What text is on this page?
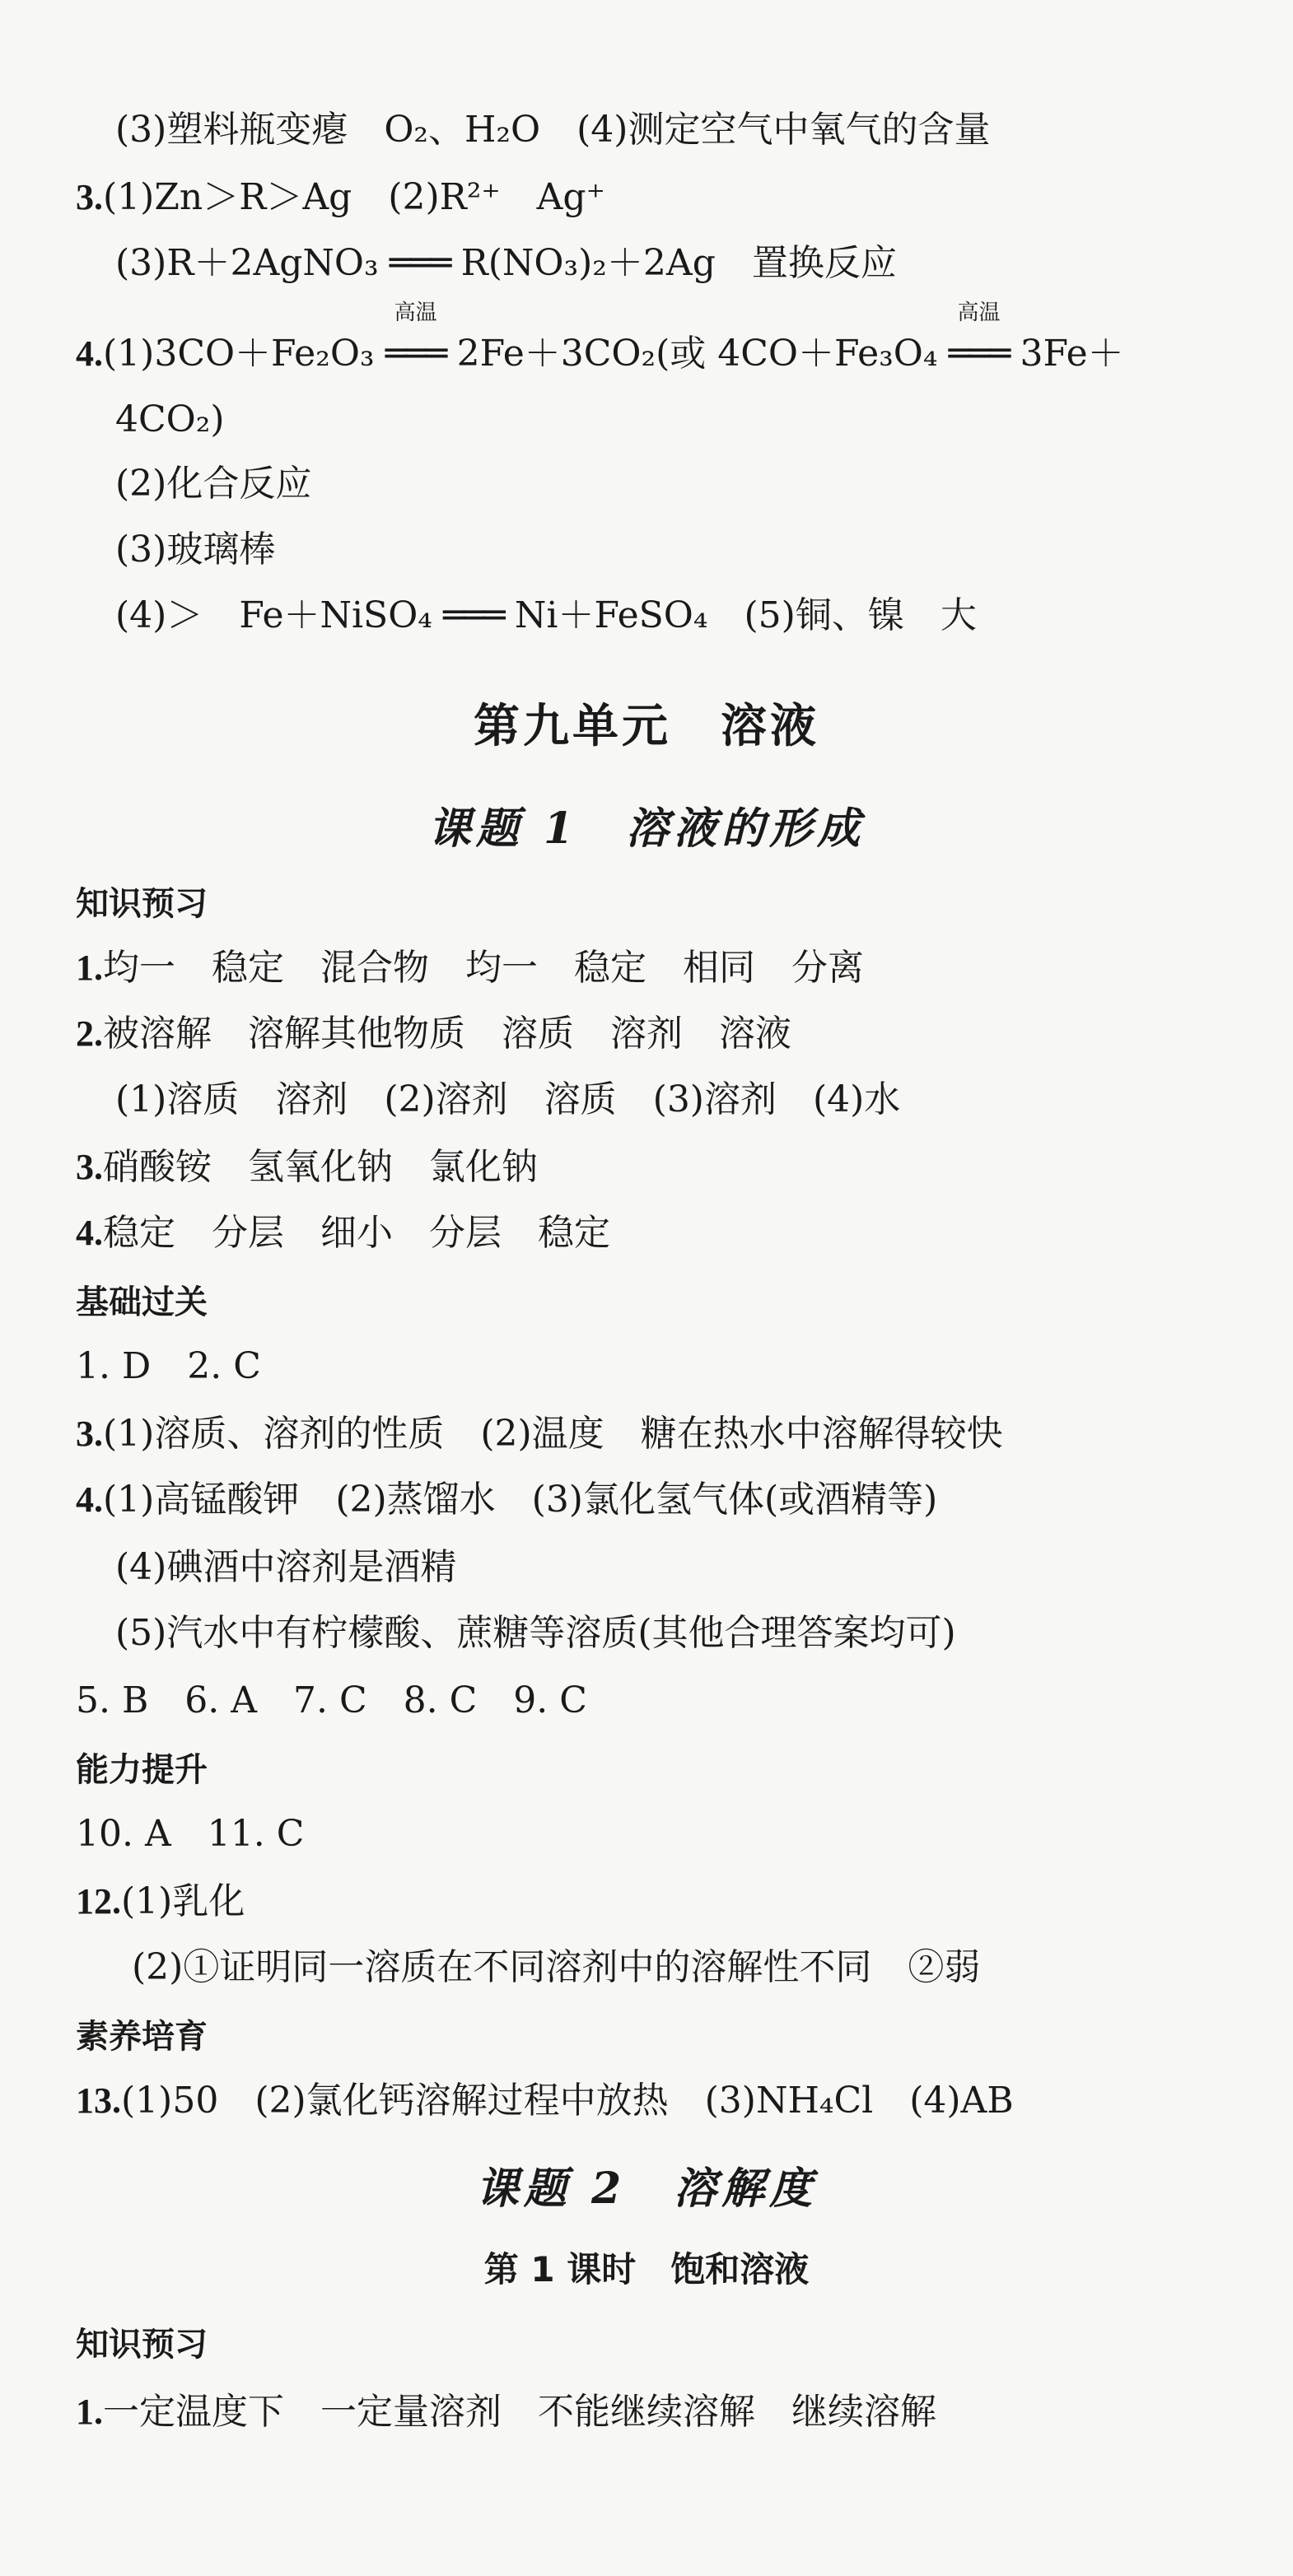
(3)塑料瓶变瘪　O₂、H₂O　(4)测定空气中氧气的含量
3.(1)Zn＞R＞Ag　(2)R²⁺　Ag⁺
(3)R＋2AgNO₃ ═══ R(NO₃)₂＋2Ag　置换反应
4.(1)3CO＋Fe₂O₃
高温
═══ 2Fe＋3CO₂(或 4CO＋Fe₃O₄
高温
═══ 3Fe＋
4CO₂)
(2)化合反应
(3)玻璃棒
(4)＞　Fe＋NiSO₄ ═══ Ni＋FeSO₄　(5)铜、镍　大
第九单元　溶液
课题 1　溶液的形成
知识预习
1.均一　稳定　混合物　均一　稳定　相同　分离
2.被溶解　溶解其他物质　溶质　溶剂　溶液
(1)溶质　溶剂　(2)溶剂　溶质　(3)溶剂　(4)水
3.硝酸铵　氢氧化钠　氯化钠
4.稳定　分层　细小　分层　稳定
基础过关
1. D　2. C
3.(1)溶质、溶剂的性质　(2)温度　糖在热水中溶解得较快
4.(1)高锰酸钾　(2)蒸馏水　(3)氯化氢气体(或酒精等)
(4)碘酒中溶剂是酒精
(5)汽水中有柠檬酸、蔗糖等溶质(其他合理答案均可)
5. B　6. A　7. C　8. C　9. C
能力提升
10. A　11. C
12.(1)乳化
(2)①证明同一溶质在不同溶剂中的溶解性不同　②弱
素养培育
13.(1)50　(2)氯化钙溶解过程中放热　(3)NH₄Cl　(4)AB
课题 2　溶解度
第 1 课时　饱和溶液
知识预习
1.一定温度下　一定量溶剂　不能继续溶解　继续溶解
